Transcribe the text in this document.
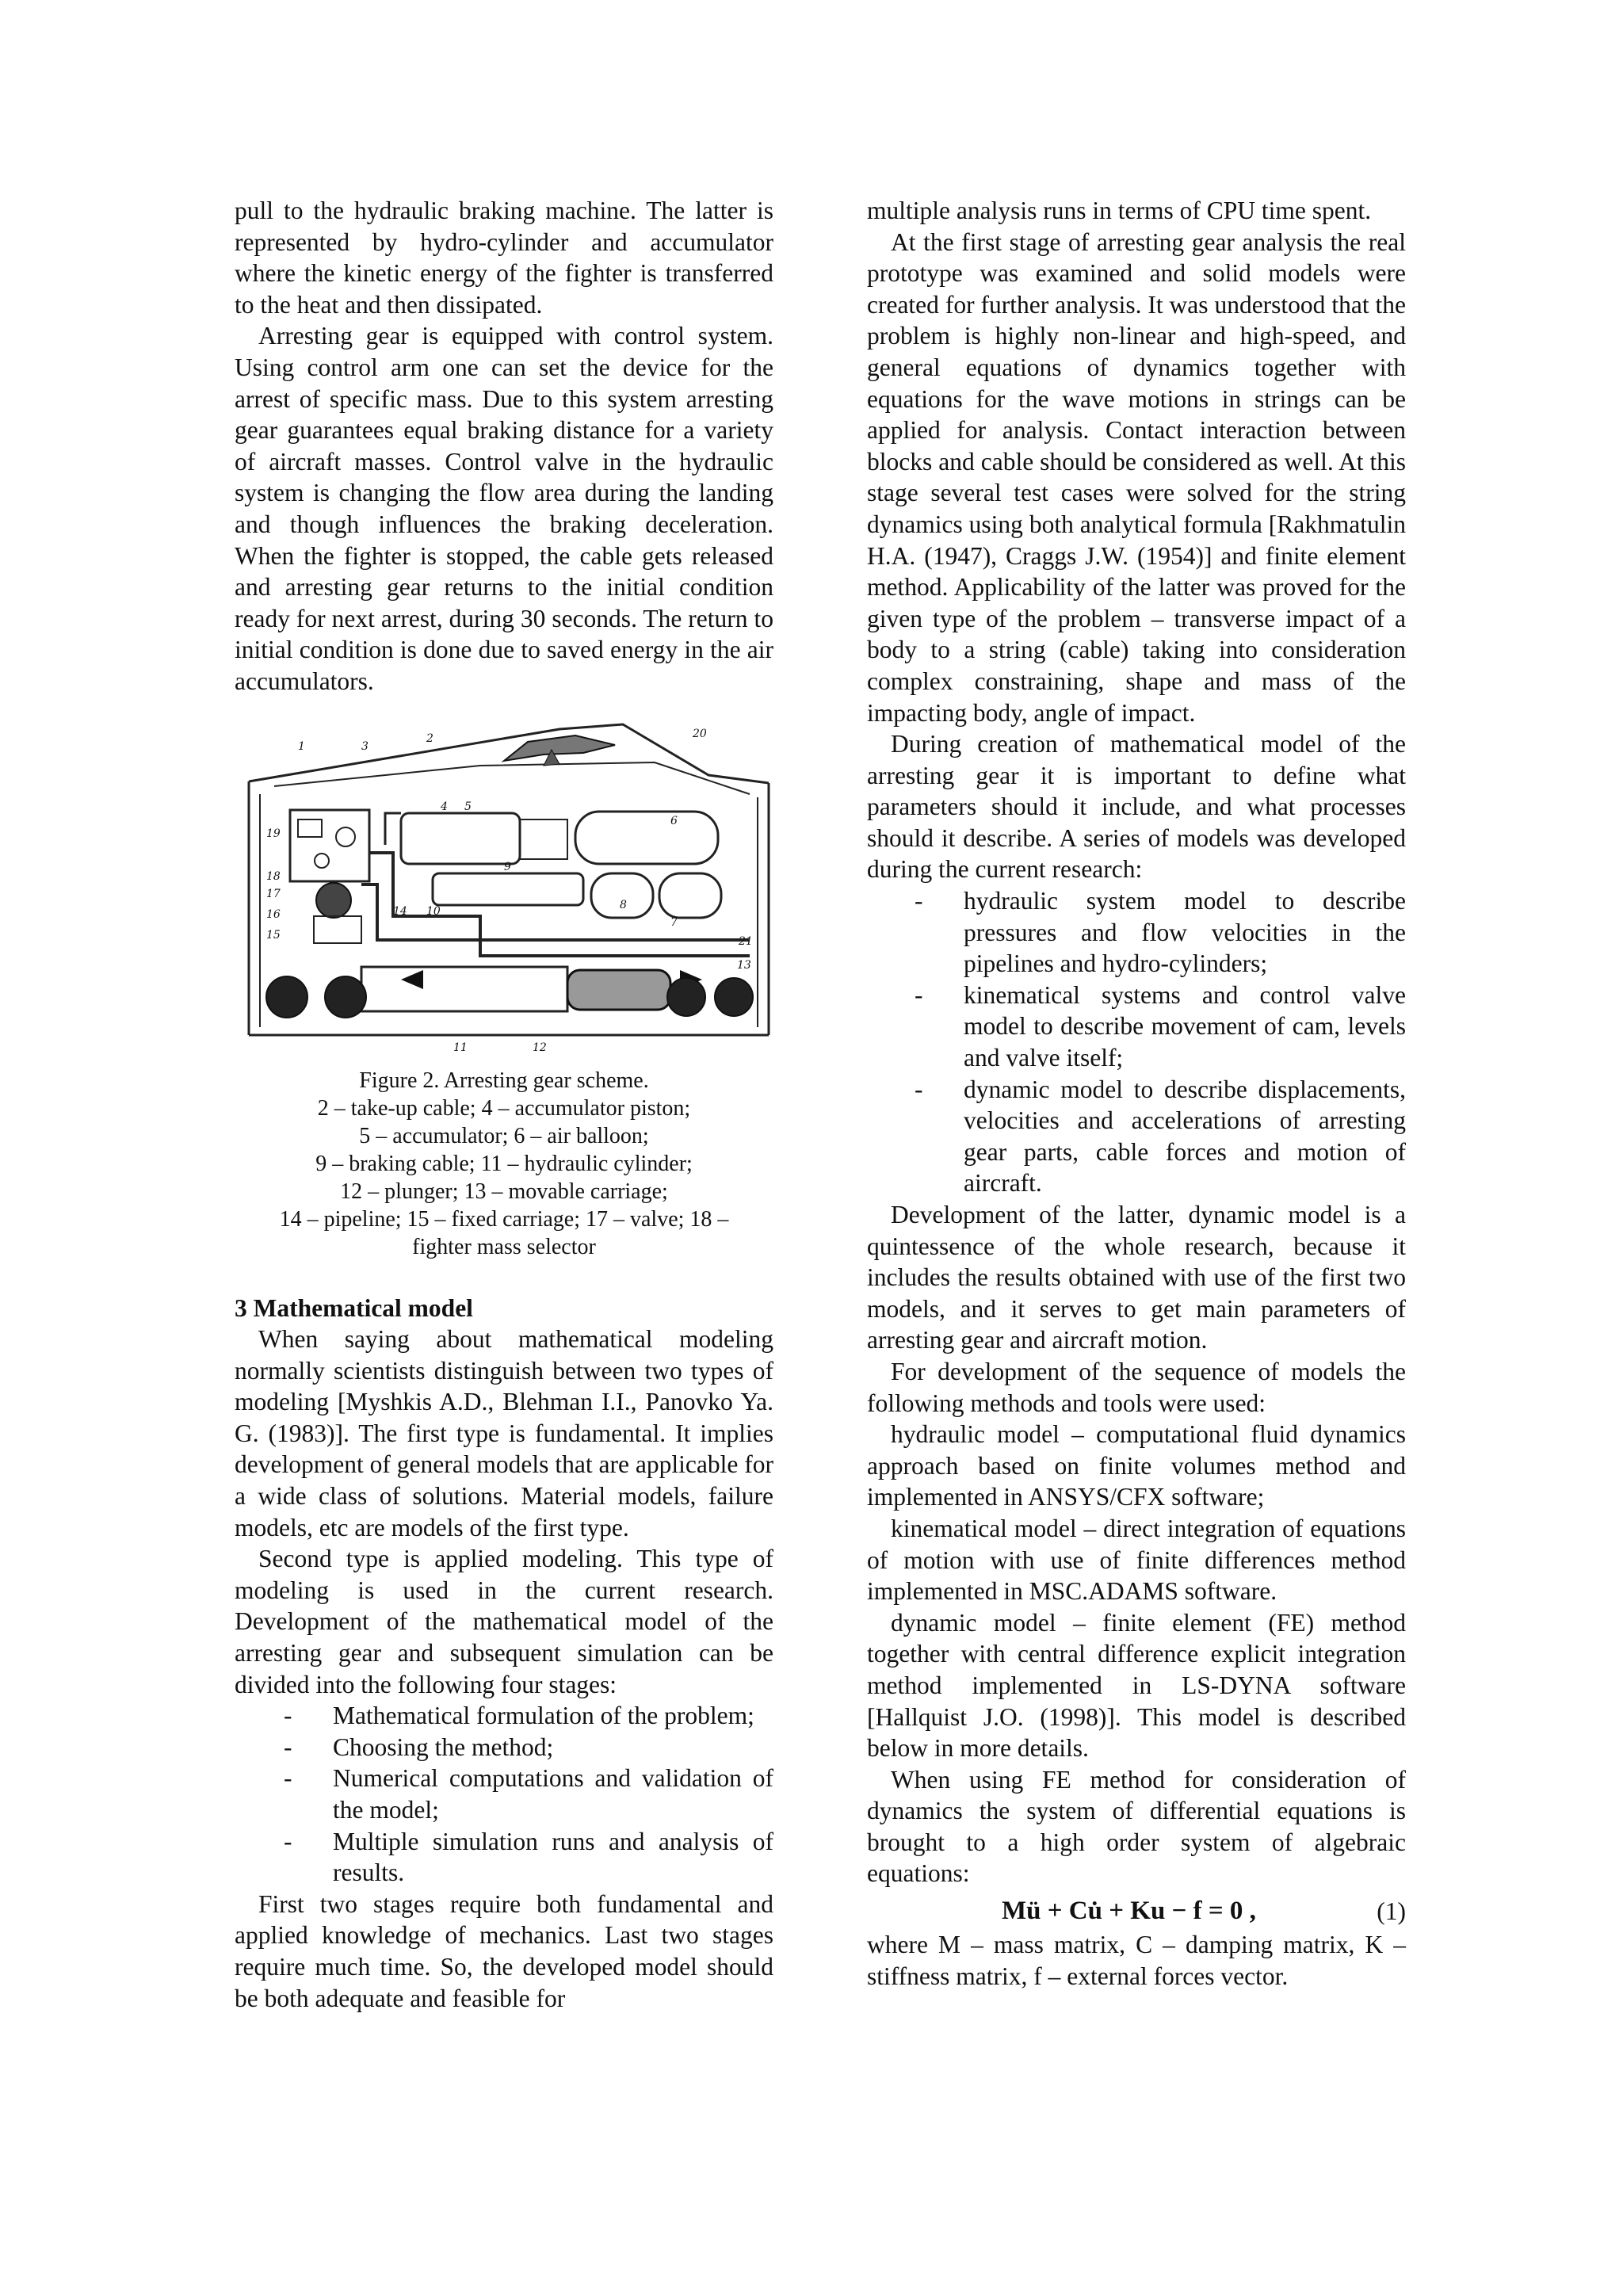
pull to the hydraulic braking machine. The latter is represented by hydro-cylinder and accumulator where the kinetic energy of the fighter is transferred to the heat and then dissipated.

Arresting gear is equipped with control system. Using control arm one can set the device for the arrest of specific mass. Due to this system arresting gear guarantees equal braking distance for a variety of aircraft masses. Control valve in the hydraulic system is changing the flow area during the landing and though influences the braking deceleration. When the fighter is stopped, the cable gets released and arresting gear returns to the initial condition ready for next arrest, during 30 seconds. The return to initial condition is done due to saved energy in the air accumulators.

1	3
2	20
19
18
17
16
15
14 10
9
8
7
6
5
4
21
13
11	12
Figure 2. Arresting gear scheme.
2 – take-up cable; 4 – accumulator piston;
5 – accumulator; 6 – air balloon;
9 – braking cable; 11 – hydraulic cylinder;
12 – plunger; 13 – movable carriage;
14 – pipeline; 15 – fixed carriage; 17 – valve; 18 –
fighter mass selector

3 Mathematical model

When saying about mathematical modeling normally scientists distinguish between two types of modeling [Myshkis A.D., Blehman I.I., Panovko Ya. G. (1983)]. The first type is fundamental. It implies development of general models that are applicable for a wide class of solutions. Material models, failure models, etc are models of the first type.

Second type is applied modeling. This type of modeling is used in the current research. Development of the mathematical model of the arresting gear and subsequent simulation can be divided into the following four stages:

- Mathematical formulation of the problem;
- Choosing the method;
- Numerical computations and validation of the model;
- Multiple simulation runs and analysis of results.

First two stages require both fundamental and applied knowledge of mechanics. Last two stages require much time. So, the developed model should be both adequate and feasible for

multiple analysis runs in terms of CPU time spent.

At the first stage of arresting gear analysis the real prototype was examined and solid models were created for further analysis. It was understood that the problem is highly non-linear and high-speed, and general equations of dynamics together with equations for the wave motions in strings can be applied for analysis. Contact interaction between blocks and cable should be considered as well. At this stage several test cases were solved for the string dynamics using both analytical formula [Rakhmatulin H.A. (1947), Craggs J.W. (1954)] and finite element method. Applicability of the latter was proved for the given type of the problem – transverse impact of a body to a string (cable) taking into consideration complex constraining, shape and mass of the impacting body, angle of impact.

During creation of mathematical model of the arresting gear it is important to define what parameters should it include, and what processes should it describe. A series of models was developed during the current research:

- hydraulic system model to describe pressures and flow velocities in the pipelines and hydro-cylinders;
- kinematical systems and control valve model to describe movement of cam, levels and valve itself;
- dynamic model to describe displacements, velocities and accelerations of arresting gear parts, cable forces and motion of aircraft.

Development of the latter, dynamic model is a quintessence of the whole research, because it includes the results obtained with use of the first two models, and it serves to get main parameters of arresting gear and aircraft motion.

For development of the sequence of models the following methods and tools were used:

hydraulic model – computational fluid dynamics approach based on finite volumes method and implemented in ANSYS/CFX software;

kinematical model – direct integration of equations of motion with use of finite differences method implemented in MSC.ADAMS software.

dynamic model – finite element (FE) method together with central difference explicit integration method implemented in LS-DYNA software [Hallquist J.O. (1998)]. This model is described below in more details.

When using FE method for consideration of dynamics the system of differential equations is brought to a high order system of algebraic equations:

Mü + Cu̇ + Ku − f = 0 ,	(1)

where M – mass matrix, C – damping matrix, K – stiffness matrix, f – external forces vector.
